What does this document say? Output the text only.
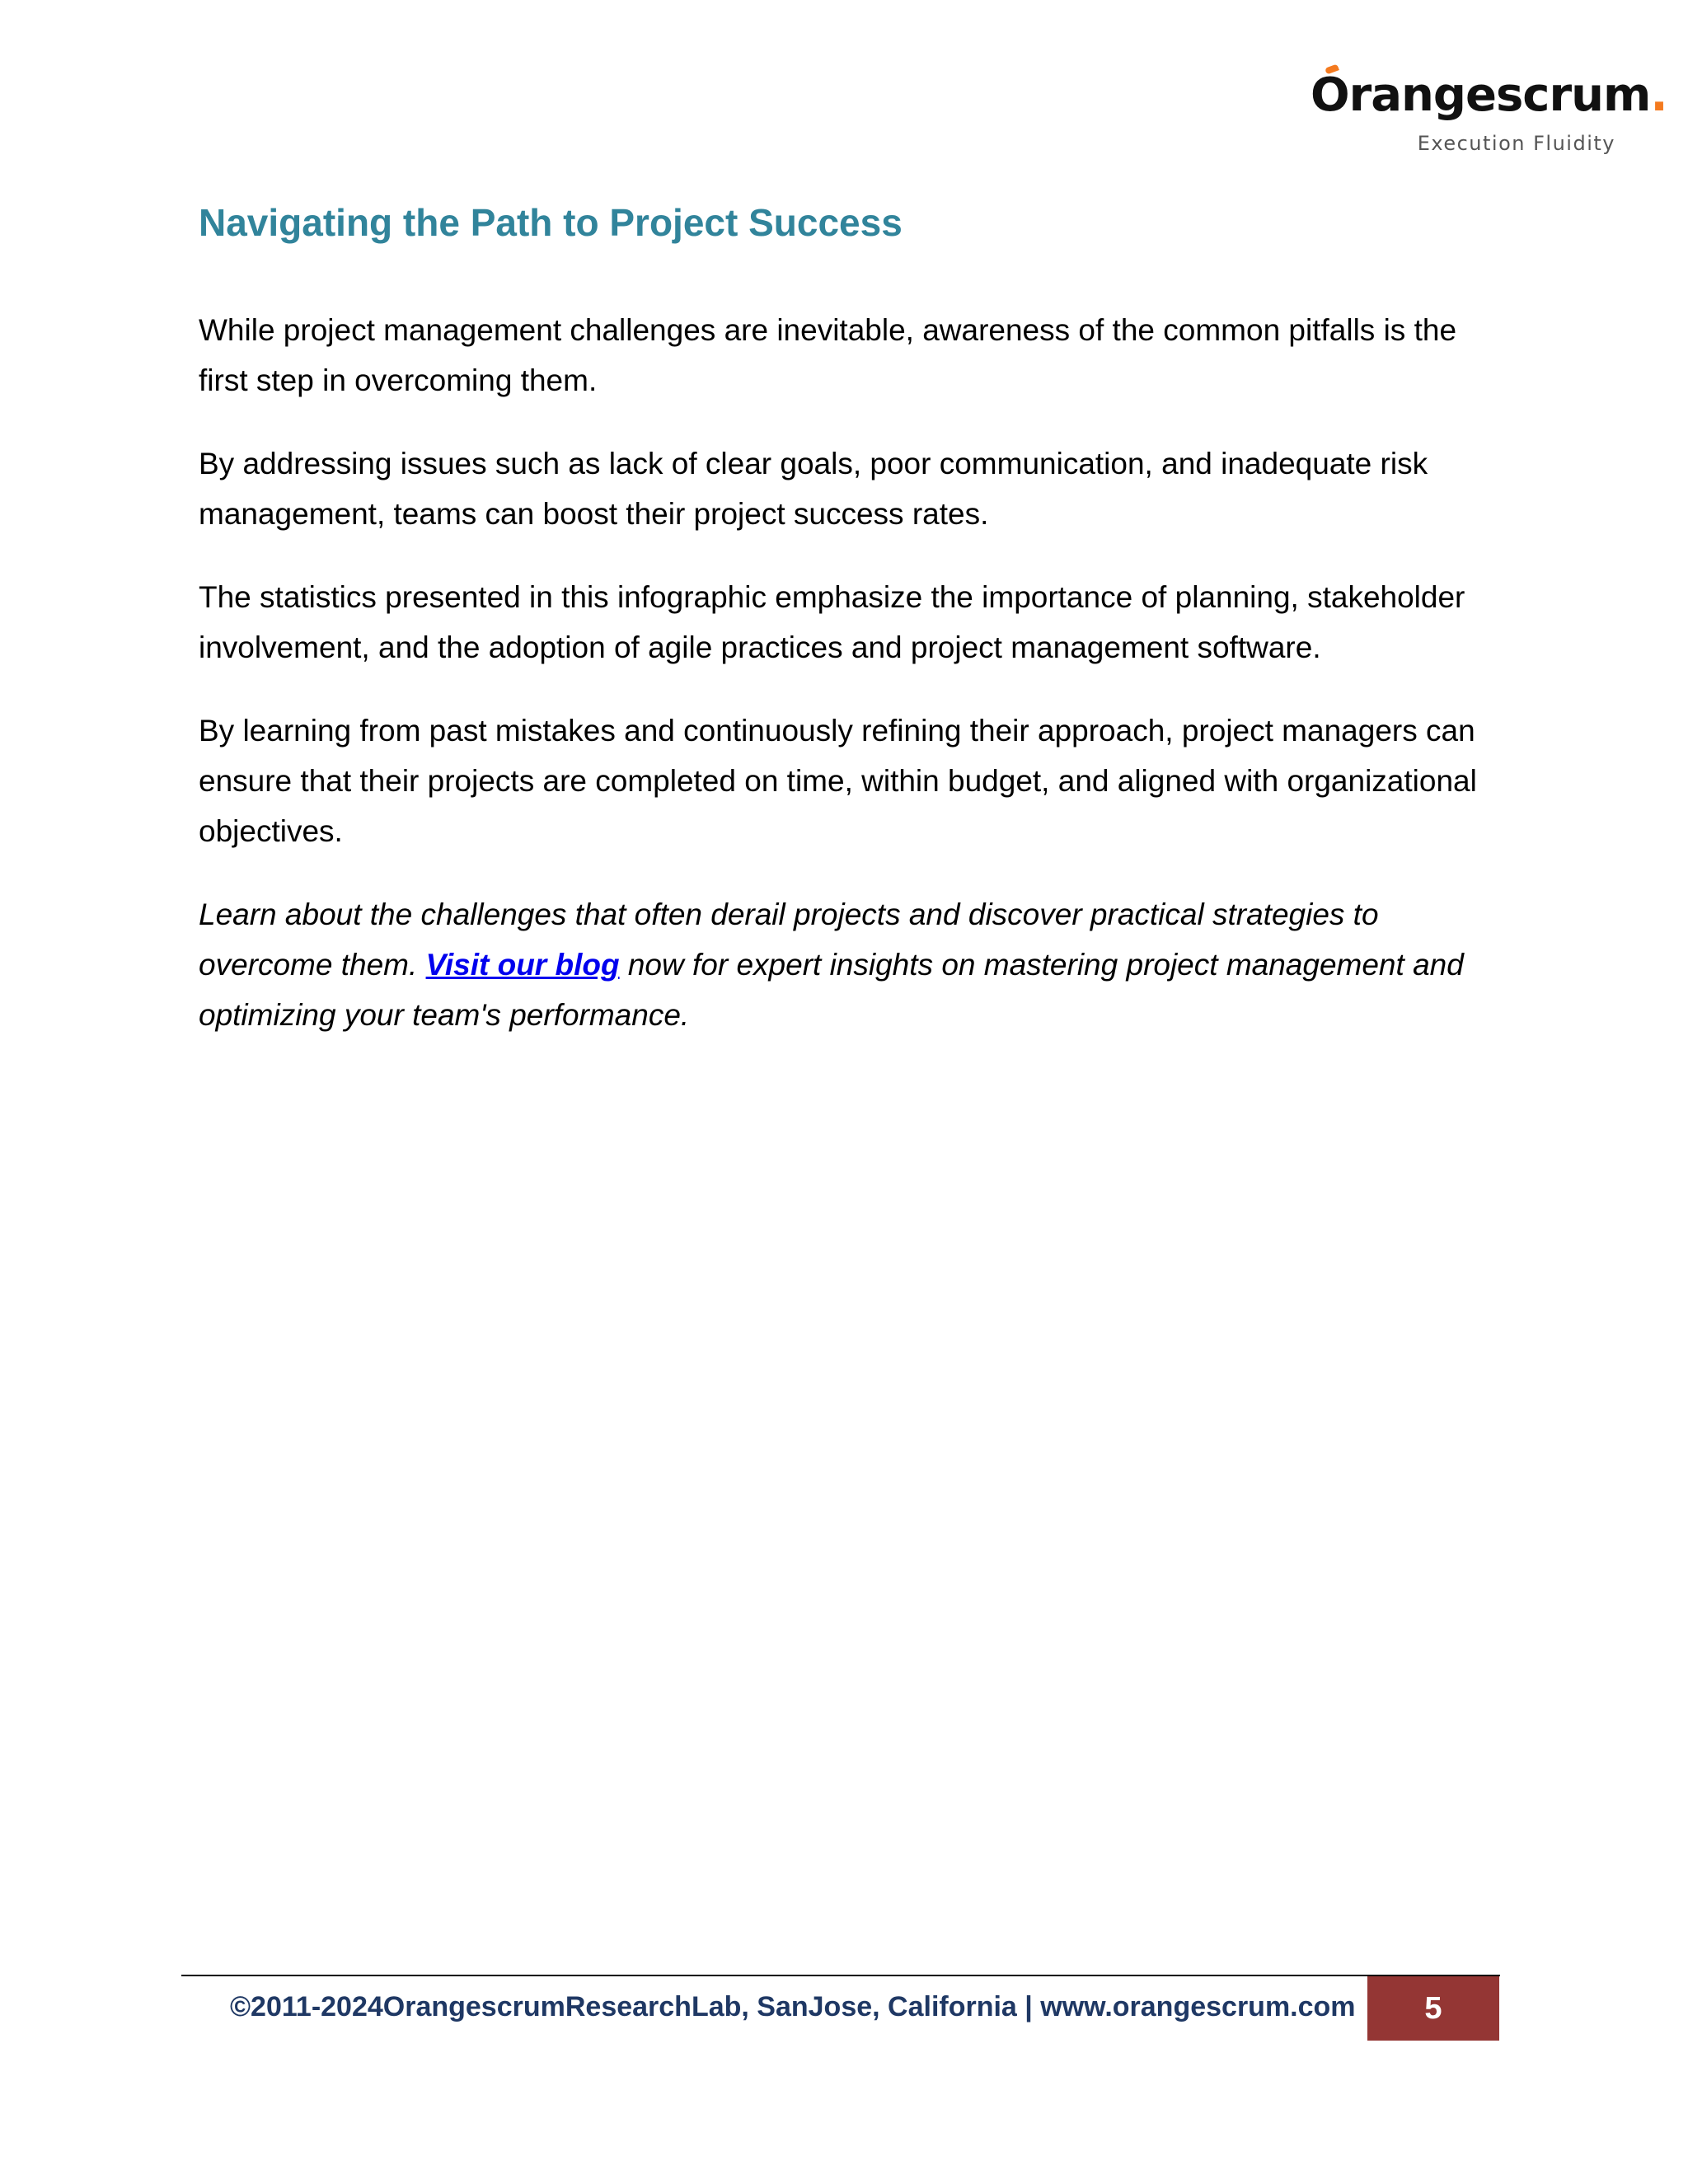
Orangescrum.
Execution Fluidity
Navigating the Path to Project Success

While project management challenges are inevitable, awareness of the common pitfalls is the first step in overcoming them.

By addressing issues such as lack of clear goals, poor communication, and inadequate risk management, teams can boost their project success rates.

The statistics presented in this infographic emphasize the importance of planning, stakeholder involvement, and the adoption of agile practices and project management software.

By learning from past mistakes and continuously refining their approach, project managers can ensure that their projects are completed on time, within budget, and aligned with organizational objectives.

Learn about the challenges that often derail projects and discover practical strategies to overcome them. Visit our blog now for expert insights on mastering project management and optimizing your team's performance.

©2011-2024OrangescrumResearchLab, SanJose, California | www.orangescrum.com 5
